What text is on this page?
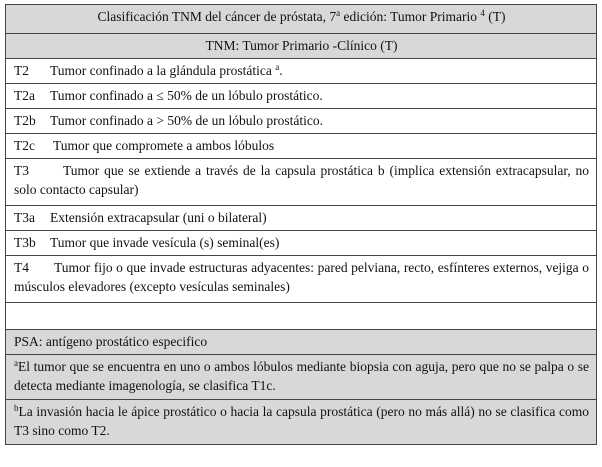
Clasificación TNM del cáncer de próstata, 7$^a$ edición: Tumor Primario $^4$ (T)
TNM: Tumor Primario -Clínico (T)
T2 Tumor confinado a la glándula prostática $^a$.
T2a Tumor confinado a ≤ 50% de un lóbulo prostático.
T2b Tumor confinado a > 50% de un lóbulo prostático.
T2c Tumor que compromete a ambos lóbulos
T3	Tumor que se extiende a través de la capsula prostática b (implica extensión extracapsular, no solo contacto capsular)
T3a Extensión extracapsular (uni o bilateral)
T3b Tumor que invade vesícula (s) seminal(es)
T4 Tumor fijo o que invade estructuras adyacentes: pared pelviana, recto, esfínteres externos, vejiga o músculos elevadores (excepto vesículas seminales)

PSA: antígeno prostático especifico
$^a$El tumor que se encuentra en uno o ambos lóbulos mediante biopsia con aguja, pero que no se palpa o se detecta mediante imagenología, se clasifica T1c.
$^b$La invasión hacia le ápice prostático o hacia la capsula prostática (pero no más allá) no se clasifica como T3 sino como T2.
